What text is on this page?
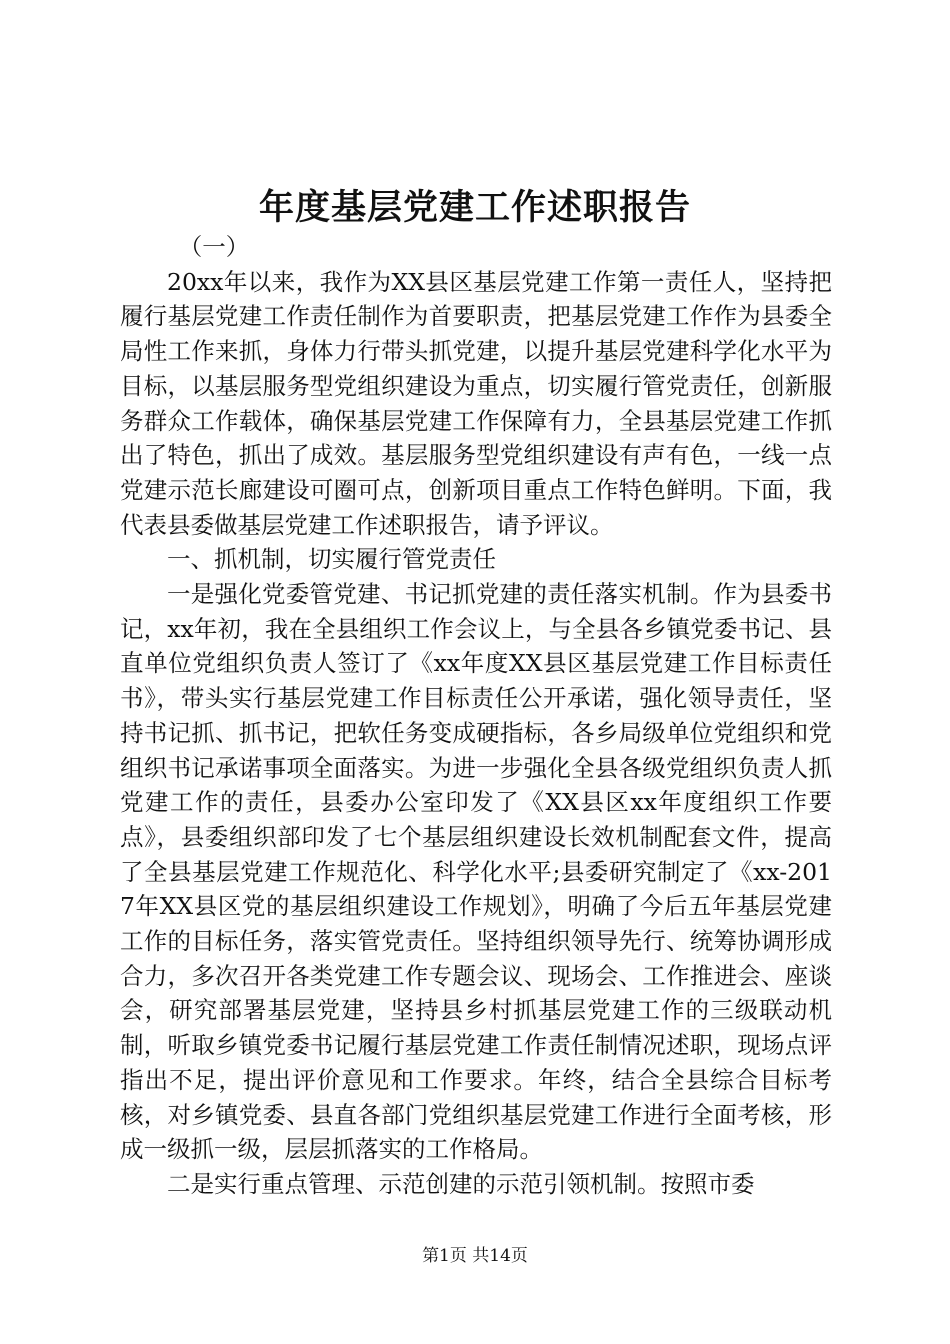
年度基层党建工作述职报告

（一）

20xx年以来，我作为XX县区基层党建工作第一责任人，坚持把履行基层党建工作责任制作为首要职责，把基层党建工作作为县委全局性工作来抓，身体力行带头抓党建，以提升基层党建科学化水平为目标，以基层服务型党组织建设为重点，切实履行管党责任，创新服务群众工作载体，确保基层党建工作保障有力，全县基层党建工作抓出了特色，抓出了成效。基层服务型党组织建设有声有色，一线一点党建示范长廊建设可圈可点，创新项目重点工作特色鲜明。下面，我代表县委做基层党建工作述职报告，请予评议。

一、抓机制，切实履行管党责任

一是强化党委管党建、书记抓党建的责任落实机制。作为县委书记，xx年初，我在全县组织工作会议上，与全县各乡镇党委书记、县直单位党组织负责人签订了《xx年度XX县区基层党建工作目标责任书》，带头实行基层党建工作目标责任公开承诺，强化领导责任，坚持书记抓、抓书记，把软任务变成硬指标，各乡局级单位党组织和党组织书记承诺事项全面落实。为进一步强化全县各级党组织负责人抓党建工作的责任，县委办公室印发了《XX县区xx年度组织工作要点》，县委组织部印发了七个基层组织建设长效机制配套文件，提高了全县基层党建工作规范化、科学化水平;县委研究制定了《xx-2017年XX县区党的基层组织建设工作规划》，明确了今后五年基层党建工作的目标任务，落实管党责任。坚持组织领导先行、统筹协调形成合力，多次召开各类党建工作专题会议、现场会、工作推进会、座谈会，研究部署基层党建，坚持县乡村抓基层党建工作的三级联动机制，听取乡镇党委书记履行基层党建工作责任制情况述职，现场点评指出不足，提出评价意见和工作要求。年终，结合全县综合目标考核，对乡镇党委、县直各部门党组织基层党建工作进行全面考核，形成一级抓一级，层层抓落实的工作格局。

二是实行重点管理、示范创建的示范引领机制。按照市委

第1页 共14页
